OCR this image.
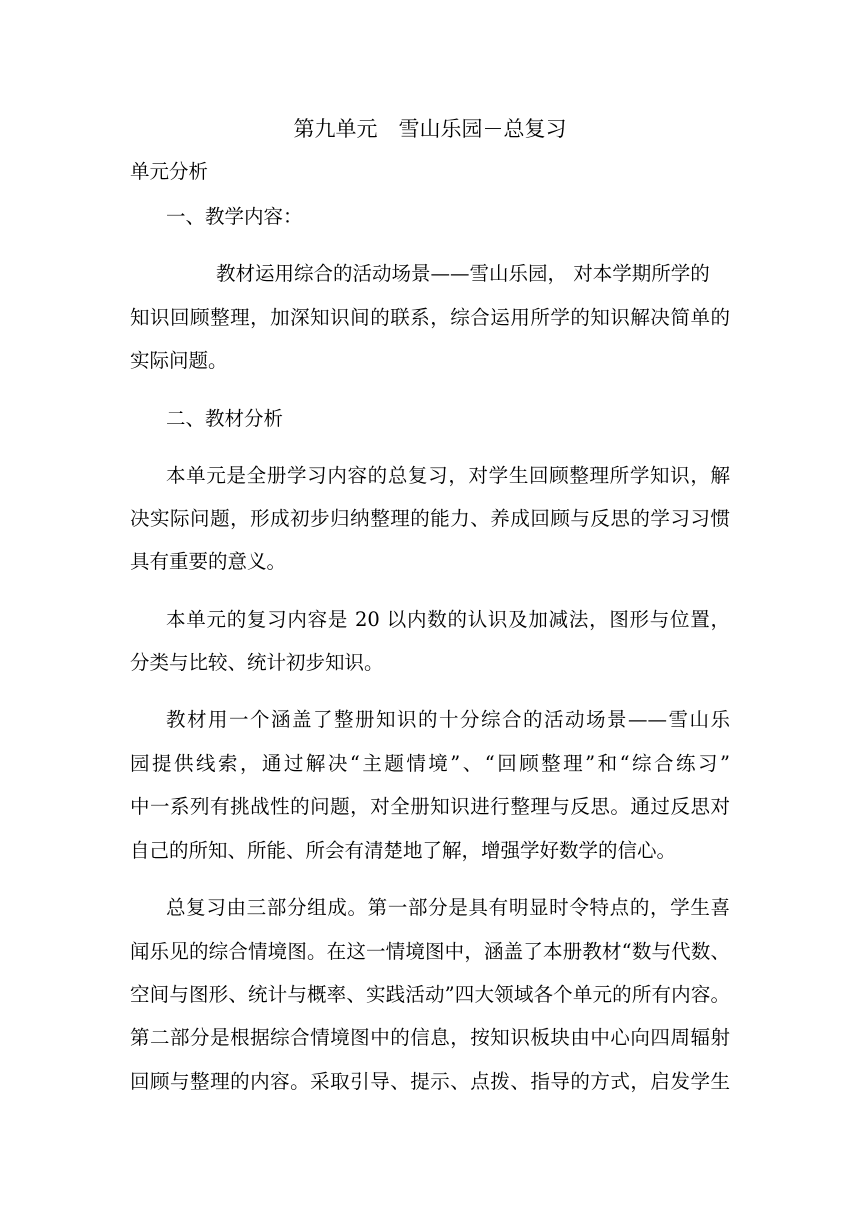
第九单元　雪山乐园－总复习
单元分析
一、教学内容：
教材运用综合的活动场景——雪山乐园， 对本学期所学的
知识回顾整理，加深知识间的联系，综合运用所学的知识解决简单的
实际问题。
二、教材分析
本单元是全册学习内容的总复习，对学生回顾整理所学知识，解
决实际问题，形成初步归纳整理的能力、养成回顾与反思的学习习惯
具有重要的意义。
本单元的复习内容是 20 以内数的认识及加减法，图形与位置，
分类与比较、统计初步知识。
教材用一个涵盖了整册知识的十分综合的活动场景——雪山乐
园提供线索，通过解决“主题情境”、“回顾整理”和“综合练习”
中一系列有挑战性的问题，对全册知识进行整理与反思。通过反思对
自己的所知、所能、所会有清楚地了解，增强学好数学的信心。
总复习由三部分组成。第一部分是具有明显时令特点的，学生喜
闻乐见的综合情境图。在这一情境图中，涵盖了本册教材“数与代数、
空间与图形、统计与概率、实践活动”四大领域各个单元的所有内容。
第二部分是根据综合情境图中的信息，按知识板块由中心向四周辐射
回顾与整理的内容。采取引导、提示、点拨、指导的方式，启发学生
